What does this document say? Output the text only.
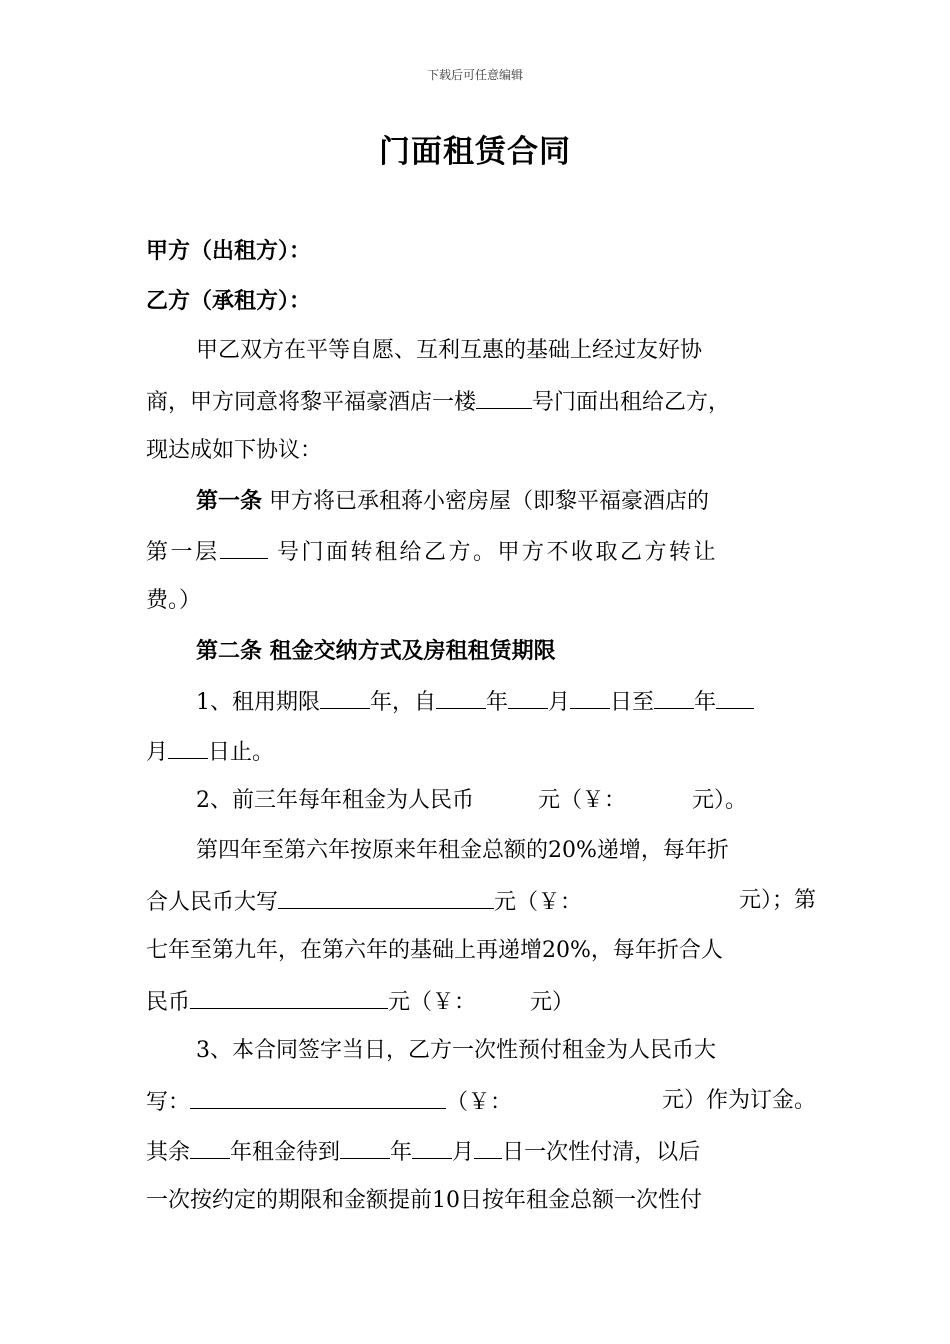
下载后可任意编辑
门面租赁合同
甲方（出租方）：
乙方（承租方）：
甲乙双方在平等自愿、互利互惠的基础上经过友好协
商，甲方同意将黎平福豪酒店一楼	号门面出租给乙方，
现达成如下协议：
第一条 甲方将已承租蒋小密房屋（即黎平福豪酒店的
第一层	号门面转租给乙方。甲方不收取乙方转让
费。）
第二条 租金交纳方式及房租租赁期限
1、租用期限 年，自 年 月 日至 年
月 日止。
2、前三年每年租金为人民币	元（￥：	元）。
第四年至第六年按原来年租金总额的20%递增，每年折
合人民币大写	元（￥：	元）；第
七年至第九年，在第六年的基础上再递增20%，每年折合人
民币	元（￥： 元）
3、本合同签字当日，乙方一次性预付租金为人民币大
写：	（￥：	元）作为订金。
其余 年租金待到 年 月 日一次性付清，以后
一次按约定的期限和金额提前10日按年租金总额一次性付
